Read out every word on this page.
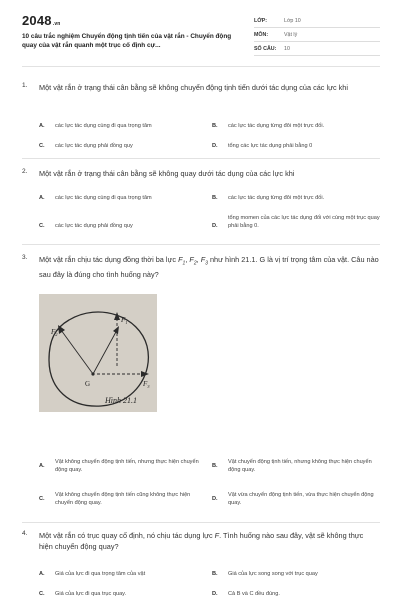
2048.vn
10 câu trắc nghiệm Chuyển động tịnh tiến của vật rắn - Chuyển động quay của vật rắn quanh một trục cố định cự...
LỚP:	Lớp 10
MÔN:	Vật lý
SỐ CÂU: 10
1. Một vật rắn ở trạng thái cân bằng sẽ không chuyển động tịnh tiến dưới tác dụng của các lực khi
A. các lực tác dụng cùng đi qua trọng tâm	B. các lực tác dụng từng đôi một trực đối.
C. các lực tác dụng phải đồng quy	D. tổng các lực tác dụng phải bằng 0
2. Một vật rắn ở trạng thái cân bằng sẽ không quay dưới tác dụng của các lực khi
A. các lực tác dụng cùng đi qua trọng tâm	B. các lực tác dụng từng đôi một trực đối.
C. các lực tác dụng phải đồng quy	D.
tổng momen của các lực tác dụng đối với cùng một trục quay phải bằng 0.
3. Một vật rắn chịu tác dụng đồng thời ba lực $F_1$, $F_2$, $F_3$ như hình 21.1. G là vị trí trọng tâm của vật. Câu nào sau đây là đúng cho tình huống này?
$F_2$
$F_1$
$F_3$
G
Hình 21.1
A.
Vật không chuyển động tịnh tiến, nhưng thực hiện chuyển động quay.
B.
Vật chuyển động tịnh tiến, nhưng không thực hiện chuyển động quay.
C.
Vật không chuyển động tịnh tiến cũng không thực hiện chuyển động quay.
D.
Vật vừa chuyển động tịnh tiến, vừa thực hiện chuyển động quay.
4. Một vật rắn có trục quay cố định, nó chịu tác dụng lực F. Tình huống nào sau đây, vật sẽ không thực hiện chuyển động quay?
A. Giá của lực đi qua trọng tâm của vật	B. Giá của lực song song với trục quay
C. Giá của lực đi qua trục quay.	D. Cả B và C đều đúng.
